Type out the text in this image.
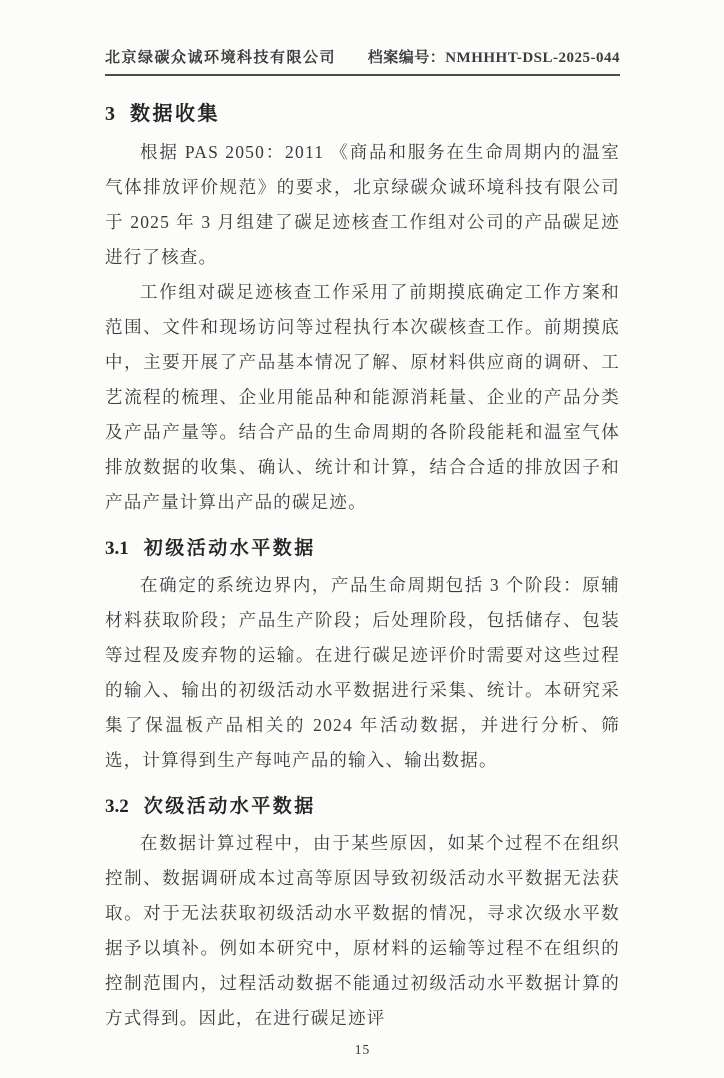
北京绿碳众诚环境科技有限公司 档案编号：NMHHHT-DSL-2025-044
3 数据收集

根据 PAS 2050：2011 《商品和服务在生命周期内的温室气体排放评价规范》的要求，北京绿碳众诚环境科技有限公司于 2025 年 3 月组建了碳足迹核查工作组对公司的产品碳足迹进行了核查。

工作组对碳足迹核查工作采用了前期摸底确定工作方案和范围、文件和现场访问等过程执行本次碳核查工作。前期摸底中，主要开展了产品基本情况了解、原材料供应商的调研、工艺流程的梳理、企业用能品种和能源消耗量、企业的产品分类及产品产量等。结合产品的生命周期的各阶段能耗和温室气体排放数据的收集、确认、统计和计算，结合合适的排放因子和产品产量计算出产品的碳足迹。

3.1 初级活动水平数据

在确定的系统边界内，产品生命周期包括 3 个阶段：原辅材料获取阶段；产品生产阶段；后处理阶段，包括储存、包装等过程及废弃物的运输。在进行碳足迹评价时需要对这些过程的输入、输出的初级活动水平数据进行采集、统计。本研究采集了保温板产品相关的 2024 年活动数据，并进行分析、筛选，计算得到生产每吨产品的输入、输出数据。

3.2 次级活动水平数据

在数据计算过程中，由于某些原因，如某个过程不在组织控制、数据调研成本过高等原因导致初级活动水平数据无法获取。对于无法获取初级活动水平数据的情况，寻求次级水平数据予以填补。例如本研究中，原材料的运输等过程不在组织的控制范围内，过程活动数据不能通过初级活动水平数据计算的方式得到。因此，在进行碳足迹评

15
